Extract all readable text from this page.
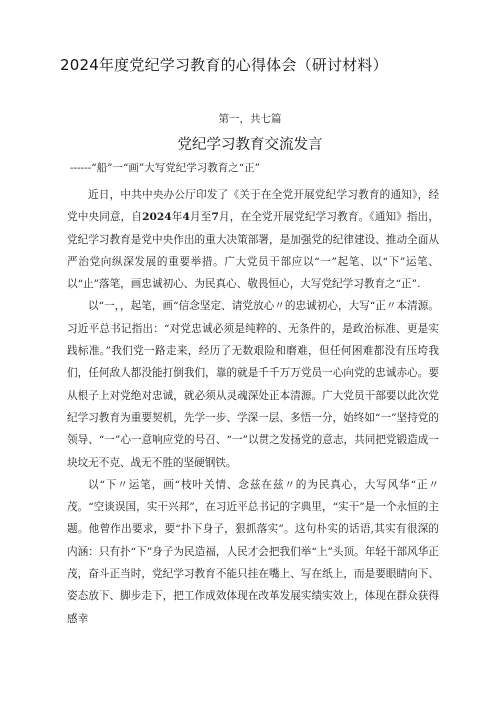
2024年度党纪学习教育的心得体会（研讨材料）
第一，共七篇
党纪学习教育交流发言
------“船”一“画”大写党纪学习教育之“正”

近日，中共中央办公厅印发了《关于在全党开展党纪学习教育的通知》，经党中央同意，自2024年4月至7月，在全党开展党纪学习教育。《通知》指出，党纪学习教育是党中央作出的重大决策部署，是加强党的纪律建设、推动全面从严治党向纵深发展的重要举措。广大党员干部应以“一”起笔、以“下”运笔、以“止”落笔，画忠诚初心、为民真心、敬畏恒心，大写党纪学习教育之“正”.

以“一，，起笔，画“信念坚定、请党放心〃的忠诚初心，大写“正〃本清源。习近平总书记指出：“对党忠诚必须是纯粹的、无条件的，是政治标准、更是实践标准。”我们党一路走来，经历了无数艰险和磨难，但任何困难都没有压垮我们，任何敌人都没能打倒我们，靠的就是千千万万党员一心向党的忠诚赤心。要从根子上对党绝对忠诚，就必须从灵魂深处正本清源。广大党员干部要以此次党纪学习教育为重要契机，先学一步、学深一层、多悟一分，始终如“一”坚持党的领导、“一”心一意响应党的号召、“一”以贯之发扬党的意志，共同把党锻造成一块坟无不克、战无不胜的坚硬钢铁。

以“下〃运笔，画“枝叶关情、念兹在兹〃的为民真心，大写风华“正〃茂。“空谈误国，实干兴邦”，在习近平总书记的字典里，“实干”是一个永恒的主题。他曾作出要求，要“扑下身子，狠抓落实”。这句朴实的话语,其实有很深的内涵：只有扑“下”身子为民造福，人民才会把我们举“上”头顶。年轻干部风华正茂，奋斗正当时，党纪学习教育不能只挂在嘴上、写在纸上，而是要眼睛向下、姿态放下、脚步走下，把工作成效体现在改革发展实绩实效上，体现在群众获得感幸
